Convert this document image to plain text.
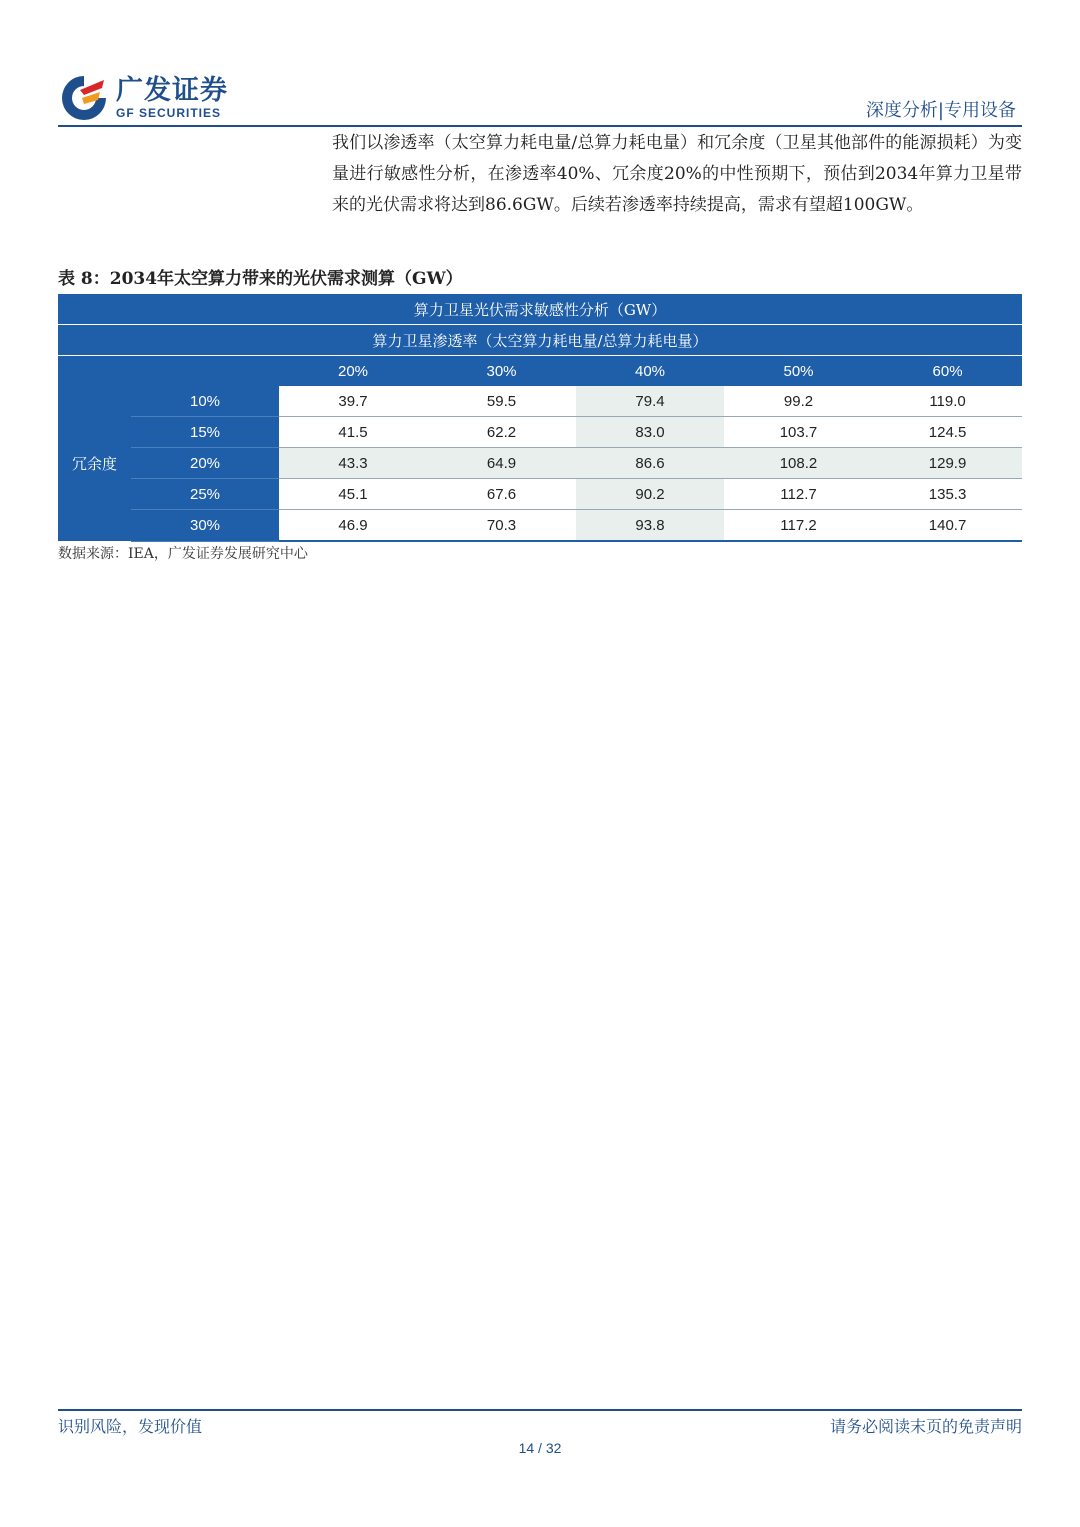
广发证券
GF SECURITIES	深度分析|专用设备
我们以渗透率（太空算力耗电量/总算力耗电量）和冗余度（卫星其他部件的能源损耗）为变量进行敏感性分析，在渗透率40%、冗余度20%的中性预期下，预估到2034年算力卫星带来的光伏需求将达到86.6GW。后续若渗透率持续提高，需求有望超100GW。
表 8：2034年太空算力带来的光伏需求测算（GW）
算力卫星光伏需求敏感性分析（GW）						
算力卫星渗透率（太空算力耗电量/总算力耗电量）						
		20%	30%	40%	50%	60%
冗余度	10%	39.7	59.5	79.4	99.2	119.0
	15%	41.5	62.2	83.0	103.7	124.5
	20%	43.3	64.9	86.6	108.2	129.9
	25%	45.1	67.6	90.2	112.7	135.3
	30%	46.9	70.3	93.8	117.2	140.7
数据来源：IEA，广发证券发展研究中心
识别风险，发现价值	请务必阅读末页的免责声明
14 / 32
